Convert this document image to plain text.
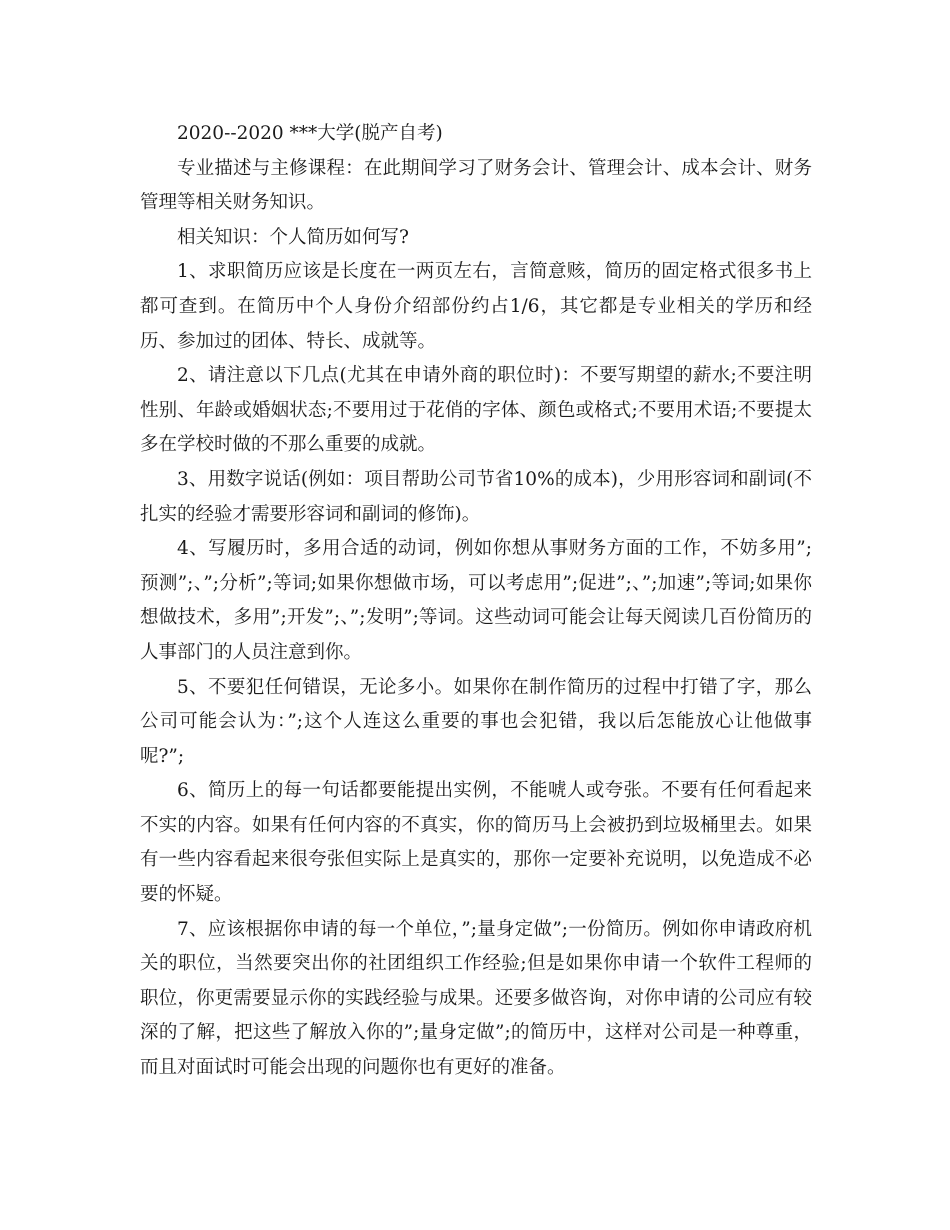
2020--2020 ***大学(脱产自考)

专业描述与主修课程：在此期间学习了财务会计、管理会计、成本会计、财务管理等相关财务知识。

相关知识：个人简历如何写?

1、求职简历应该是长度在一两页左右，言简意赅，简历的固定格式很多书上都可查到。在简历中个人身份介绍部份约占1/6，其它都是专业相关的学历和经历、参加过的团体、特长、成就等。

2、请注意以下几点(尤其在申请外商的职位时)：不要写期望的薪水;不要注明性别、年龄或婚姻状态;不要用过于花俏的字体、颜色或格式;不要用术语;不要提太多在学校时做的不那么重要的成就。

3、用数字说话(例如：项目帮助公司节省10%的成本)，少用形容词和副词(不扎实的经验才需要形容词和副词的修饰)。

4、写履历时，多用合适的动词，例如你想从事财务方面的工作，不妨多用”;预测”;、”;分析”;等词;如果你想做市场，可以考虑用”;促进”;、”;加速”;等词;如果你想做技术，多用”;开发”;、”;发明”;等词。这些动词可能会让每天阅读几百份简历的人事部门的人员注意到你。

5、不要犯任何错误，无论多小。如果你在制作简历的过程中打错了字，那么公司可能会认为：”;这个人连这么重要的事也会犯错，我以后怎能放心让他做事呢?”;

6、简历上的每一句话都要能提出实例，不能唬人或夸张。不要有任何看起来不实的内容。如果有任何内容的不真实，你的简历马上会被扔到垃圾桶里去。如果有一些内容看起来很夸张但实际上是真实的，那你一定要补充说明，以免造成不必要的怀疑。

7、应该根据你申请的每一个单位，”;量身定做”;一份简历。例如你申请政府机关的职位，当然要突出你的社团组织工作经验;但是如果你申请一个软件工程师的职位，你更需要显示你的实践经验与成果。还要多做咨询，对你申请的公司应有较深的了解，把这些了解放入你的”;量身定做”;的简历中，这样对公司是一种尊重，而且对面试时可能会出现的问题你也有更好的准备。
